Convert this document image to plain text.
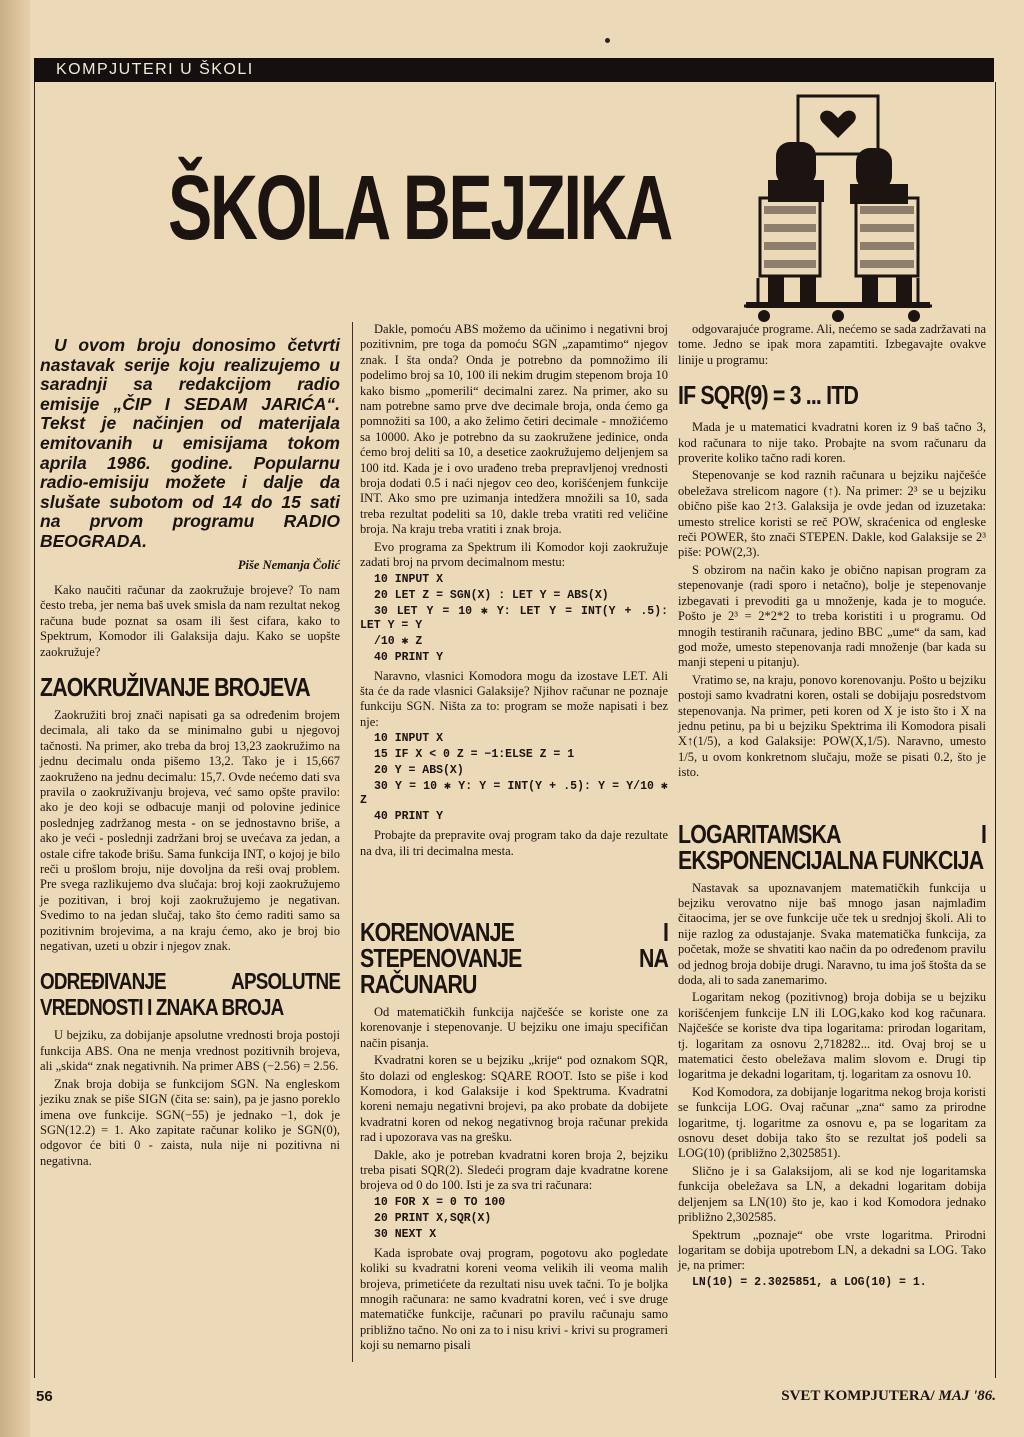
KOMPJUTERI U ŠKOLI
ŠKOLA BEJZIKA

U ovom broju donosimo četvrti nastavak serije koju realizujemo u saradnji sa redakcijom radio emisije „ČIP I SEDAM JARIĆA“. Tekst je načinjen od materijala emitovanih u emisijama tokom aprila 1986. godine. Popularnu radio-emisiju možete i dalje da slušate subotom od 14 do 15 sati na prvom programu RADIO BEOGRADA.

Piše Nemanja Čolić

Kako naučiti računar da zaokružuje brojeve? To nam često treba, jer nema baš uvek smisla da nam rezultat nekog računa bude poznat sa osam ili šest cifara, kako to Spektrum, Komodor ili Galaksija daju. Kako se uopšte zaokružuje?

ZAOKRUŽIVANJE BROJEVA

Zaokružiti broj znači napisati ga sa određenim brojem decimala, ali tako da se minimalno gubi u njegovoj tačnosti. Na primer, ako treba da broj 13,23 zaokružimo na jednu decimalu onda pišemo 13,2. Tako je i 15,667 zaokruženo na jednu decimalu: 15,7. Ovde nećemo dati sva pravila o zaokruživanju brojeva, već samo opšte pravilo: ako je deo koji se odbacuje manji od polovine jedinice poslednjeg zadržanog mesta - on se jednostavno briše, a ako je veći - poslednji zadržani broj se uvećava za jedan, a ostale cifre takođe brišu. Sama funkcija INT, o kojoj je bilo reči u prošlom broju, nije dovoljna da reši ovaj problem. Pre svega razlikujemo dva slučaja: broj koji zaokružujemo je pozitivan, i broj koji zaokružujemo je negativan. Svedimo to na jedan slučaj, tako što ćemo raditi samo sa pozitivnim brojevima, a na kraju ćemo, ako je broj bio negativan, uzeti u obzir i njegov znak.

ODREĐIVANJE APSOLUTNE VREDNOSTI I ZNAKA BROJA

U bejziku, za dobijanje apsolutne vrednosti broja postoji funkcija ABS. Ona ne menja vrednost pozitivnih brojeva, ali „skida“ znak negativnih. Na primer ABS (−2.56) = 2.56.

Znak broja dobija se funkcijom SGN. Na engleskom jeziku znak se piše SIGN (čita se: sain), pa je jasno poreklo imena ove funkcije. SGN(−55) je jednako −1, dok je SGN(12.2) = 1. Ako zapitate računar koliko je SGN(0), odgovor će biti 0 - zaista, nula nije ni pozitivna ni negativna.

Dakle, pomoću ABS možemo da učinimo i negativni broj pozitivnim, pre toga da pomoću SGN „zapamtimo“ njegov znak. I šta onda? Onda je potrebno da pomnožimo ili podelimo broj sa 10, 100 ili nekim drugim stepenom broja 10 kako bismo „pomerili“ decimalni zarez. Na primer, ako su nam potrebne samo prve dve decimale broja, onda ćemo ga pomnožiti sa 100, a ako želimo četiri decimale - množićemo sa 10000. Ako je potrebno da su zaokružene jedinice, onda ćemo broj deliti sa 10, a desetice zaokružujemo deljenjem sa 100 itd. Kada je i ovo urađeno treba prepravljenoj vrednosti broja dodati 0.5 i naći njegov ceo deo, korišćenjem funkcije INT. Ako smo pre uzimanja intedžera množili sa 10, sada treba rezultat podeliti sa 10, dakle treba vratiti red veličine broja. Na kraju treba vratiti i znak broja.

Evo programa za Spektrum ili Komodor koji zaokružuje zadati broj na prvom decimalnom mestu:

10 INPUT X

20 LET Z = SGN(X) : LET Y = ABS(X)

30 LET Y = 10 ✱ Y: LET Y = INT(Y + .5): LET Y = Y

/10 ✱ Z

40 PRINT Y

Naravno, vlasnici Komodora mogu da izostave LET. Ali šta će da rade vlasnici Galaksije? Njihov računar ne poznaje funkciju SGN. Ništa za to: program se može napisati i bez nje:

10 INPUT X

15 IF X < 0 Z = −1:ELSE Z = 1

20 Y = ABS(X)

30 Y = 10 ✱ Y: Y = INT(Y + .5): Y = Y/10 ✱ Z

40 PRINT Y

Probajte da prepravite ovaj program tako da daje rezultate na dva, ili tri decimalna mesta.

KORENOVANJE I STEPENOVANJE NA RAČUNARU

Od matematičkih funkcija najčešće se koriste one za korenovanje i stepenovanje. U bejziku one imaju specifičan način pisanja.

Kvadratni koren se u bejziku „krije“ pod oznakom SQR, što dolazi od engleskog: SQARE ROOT. Isto se piše i kod Komodora, i kod Galaksije i kod Spektruma. Kvadratni koreni nemaju negativni brojevi, pa ako probate da dobijete kvadratni koren od nekog negativnog broja računar prekida rad i upozorava vas na grešku.

Dakle, ako je potreban kvadratni koren broja 2, bejziku treba pisati SQR(2). Sledeći program daje kvadratne korene brojeva od 0 do 100. Isti je za sva tri računara:

10 FOR X = 0 TO 100

20 PRINT X,SQR(X)

30 NEXT X

Kada isprobate ovaj program, pogotovu ako pogledate koliki su kvadratni koreni veoma velikih ili veoma malih brojeva, primetićete da rezultati nisu uvek tačni. To je boljka mnogih računara: ne samo kvadratni koren, već i sve druge matematičke funkcije, računari po pravilu računaju samo približno tačno. No oni za to i nisu krivi - krivi su programeri koji su nemarno pisali

odgovarajuće programe. Ali, nećemo se sada zadržavati na tome. Jedno se ipak mora zapamtiti. Izbegavajte ovakve linije u programu:

IF SQR(9) = 3 ... ITD

Mada je u matematici kvadratni koren iz 9 baš tačno 3, kod računara to nije tako. Probajte na svom računaru da proverite koliko tačno radi koren.

Stepenovanje se kod raznih računara u bejziku najčešće obeležava strelicom nagore (↑). Na primer: 2³ se u bejziku obično piše kao 2↑3. Galaksija je ovde jedan od izuzetaka: umesto strelice koristi se reč POW, skraćenica od engleske reči POWER, što znači STEPEN. Dakle, kod Galaksije se 2³ piše: POW(2,3).

S obzirom na način kako je obično napisan program za stepenovanje (radi sporo i netačno), bolje je stepenovanje izbegavati i prevoditi ga u množenje, kada je to moguće. Pošto je 2³ = 2*2*2 to treba koristiti i u programu. Od mnogih testiranih računara, jedino BBC „ume“ da sam, kad god može, umesto stepenovanja radi množenje (bar kada su manji stepeni u pitanju).

Vratimo se, na kraju, ponovo korenovanju. Pošto u bejziku postoji samo kvadratni koren, ostali se dobijaju posredstvom stepenovanja. Na primer, peti koren od X je isto što i X na jednu petinu, pa bi u bejziku Spektrima ili Komodora pisali X↑(1/5), a kod Galaksije: POW(X,1/5). Naravno, umesto 1/5, u ovom konkretnom slučaju, može se pisati 0.2, što je isto.

LOGARITAMSKA I EKSPONENCIJALNA FUNKCIJA

Nastavak sa upoznavanjem matematičkih funkcija u bejziku verovatno nije baš mnogo jasan najmlađim čitaocima, jer se ove funkcije uče tek u srednjoj školi. Ali to nije razlog za odustajanje. Svaka matematička funkcija, za početak, može se shvatiti kao način da po određenom pravilu od jednog broja dobije drugi. Naravno, tu ima još štošta da se doda, ali to sada zanemarimo.

Logaritam nekog (pozitivnog) broja dobija se u bejziku korišćenjem funkcije LN ili LOG,kako kod kog računara. Najčešće se koriste dva tipa logaritama: prirodan logaritam, tj. logaritam za osnovu 2,718282... itd. Ovaj broj se u matematici često obeležava malim slovom e. Drugi tip logaritma je dekadni logaritam, tj. logaritam za osnovu 10.

Kod Komodora, za dobijanje logaritma nekog broja koristi se funkcija LOG. Ovaj računar „zna“ samo za prirodne logaritme, tj. logaritme za osnovu e, pa se logaritam za osnovu deset dobija tako što se rezultat još podeli sa LOG(10) (približno 2,3025851).

Slično je i sa Galaksijom, ali se kod nje logaritamska funkcija obeležava sa LN, a dekadni logaritam dobija deljenjem sa LN(10) što je, kao i kod Komodora jednako približno 2,302585.

Spektrum „poznaje“ obe vrste logaritma. Prirodni logaritam se dobija upotrebom LN, a dekadni sa LOG. Tako je, na primer:

LN(10) = 2.3025851, a LOG(10) = 1.

56	SVET KOMPJUTERA/ MAJ '86.
